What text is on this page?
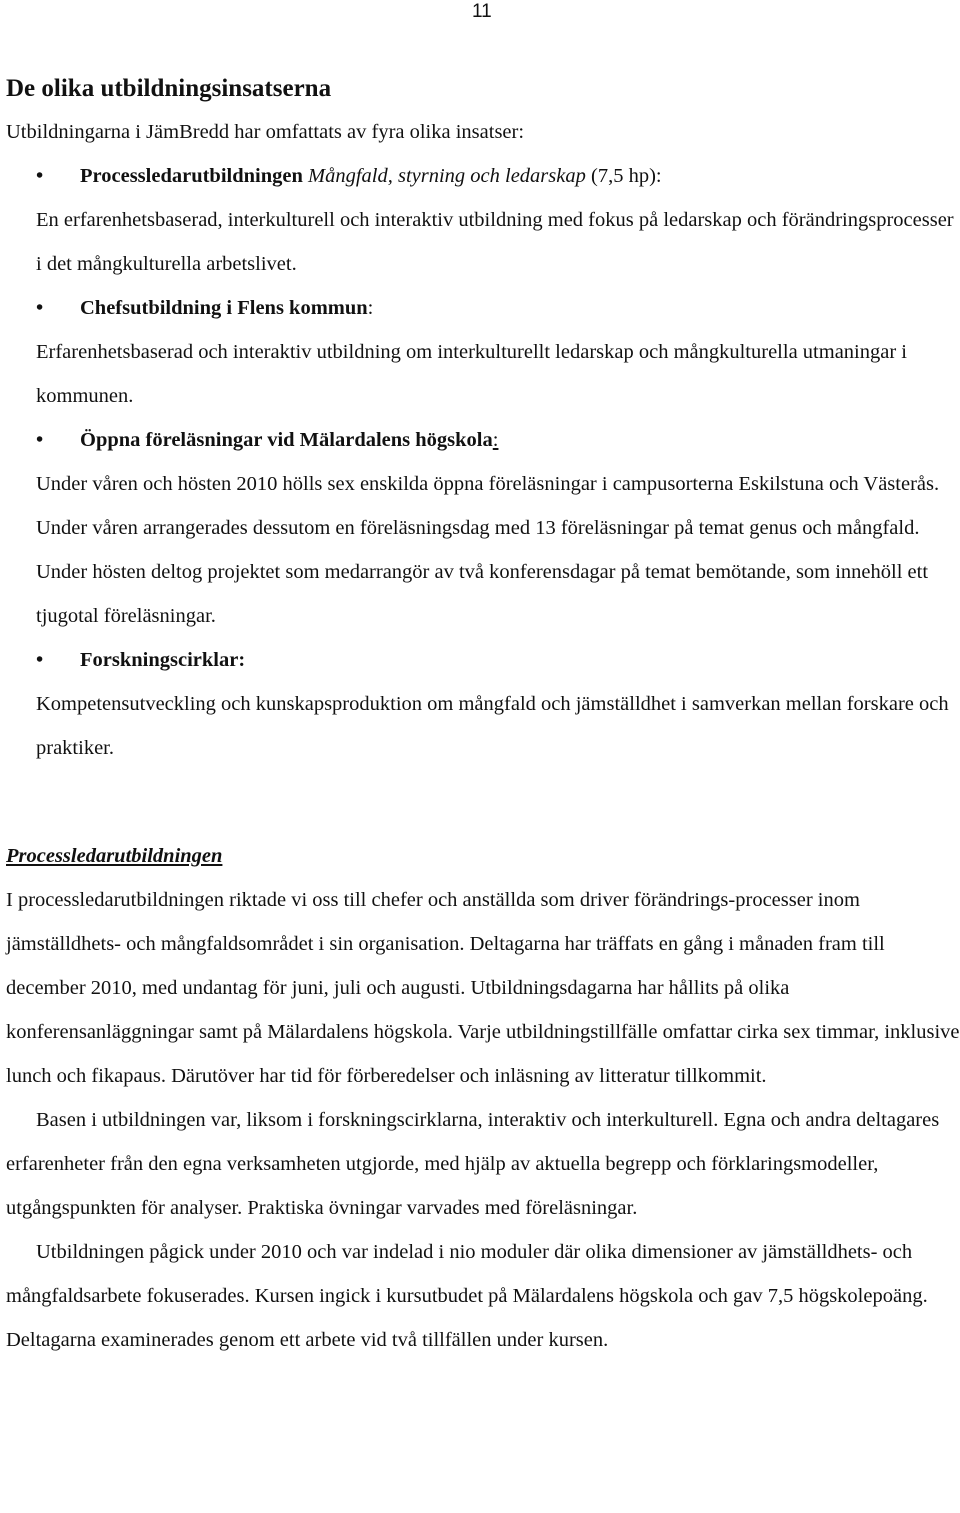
11
De olika utbildningsinsatserna

Utbildningarna i JämBredd har omfattats av fyra olika insatser:

•	Processledarutbildningen Mångfald, styrning och ledarskap (7,5 hp):
En erfarenhetsbaserad, interkulturell och interaktiv utbildning med fokus på ledarskap och förändringsprocesser i det mångkulturella arbetslivet.
•	Chefsutbildning i Flens kommun:
Erfarenhetsbaserad och interaktiv utbildning om interkulturellt ledarskap och mångkulturella utmaningar i kommunen.
•	Öppna föreläsningar vid Mälardalens högskola:
Under våren och hösten 2010 hölls sex enskilda öppna föreläsningar i campusorterna Eskilstuna och Västerås. Under våren arrangerades dessutom en föreläsningsdag med 13 föreläsningar på temat genus och mångfald. Under hösten deltog projektet som medarrangör av två konferensdagar på temat bemötande, som innehöll ett tjugotal föreläsningar.
•	Forskningscirklar:
Kompetensutveckling och kunskapsproduktion om mångfald och jämställdhet i samverkan mellan forskare och praktiker.
Processledarutbildningen

I processledarutbildningen riktade vi oss till chefer och anställda som driver förändrings-processer inom jämställdhets- och mångfaldsområdet i sin organisation. Deltagarna har träffats en gång i månaden fram till december 2010, med undantag för juni, juli och augusti. Utbildningsdagarna har hållits på olika konferensanläggningar samt på Mälardalens högskola. Varje utbildningstillfälle omfattar cirka sex timmar, inklusive lunch och fikapaus. Därutöver har tid för förberedelser och inläsning av litteratur tillkommit.

Basen i utbildningen var, liksom i forskningscirklarna, interaktiv och interkulturell. Egna och andra deltagares erfarenheter från den egna verksamheten utgjorde, med hjälp av aktuella begrepp och förklaringsmodeller, utgångspunkten för analyser. Praktiska övningar varvades med föreläsningar.

Utbildningen pågick under 2010 och var indelad i nio moduler där olika dimensioner av jämställdhets- och mångfaldsarbete fokuserades. Kursen ingick i kursutbudet på Mälardalens högskola och gav 7,5 högskolepoäng. Deltagarna examinerades genom ett arbete vid två tillfällen under kursen.
